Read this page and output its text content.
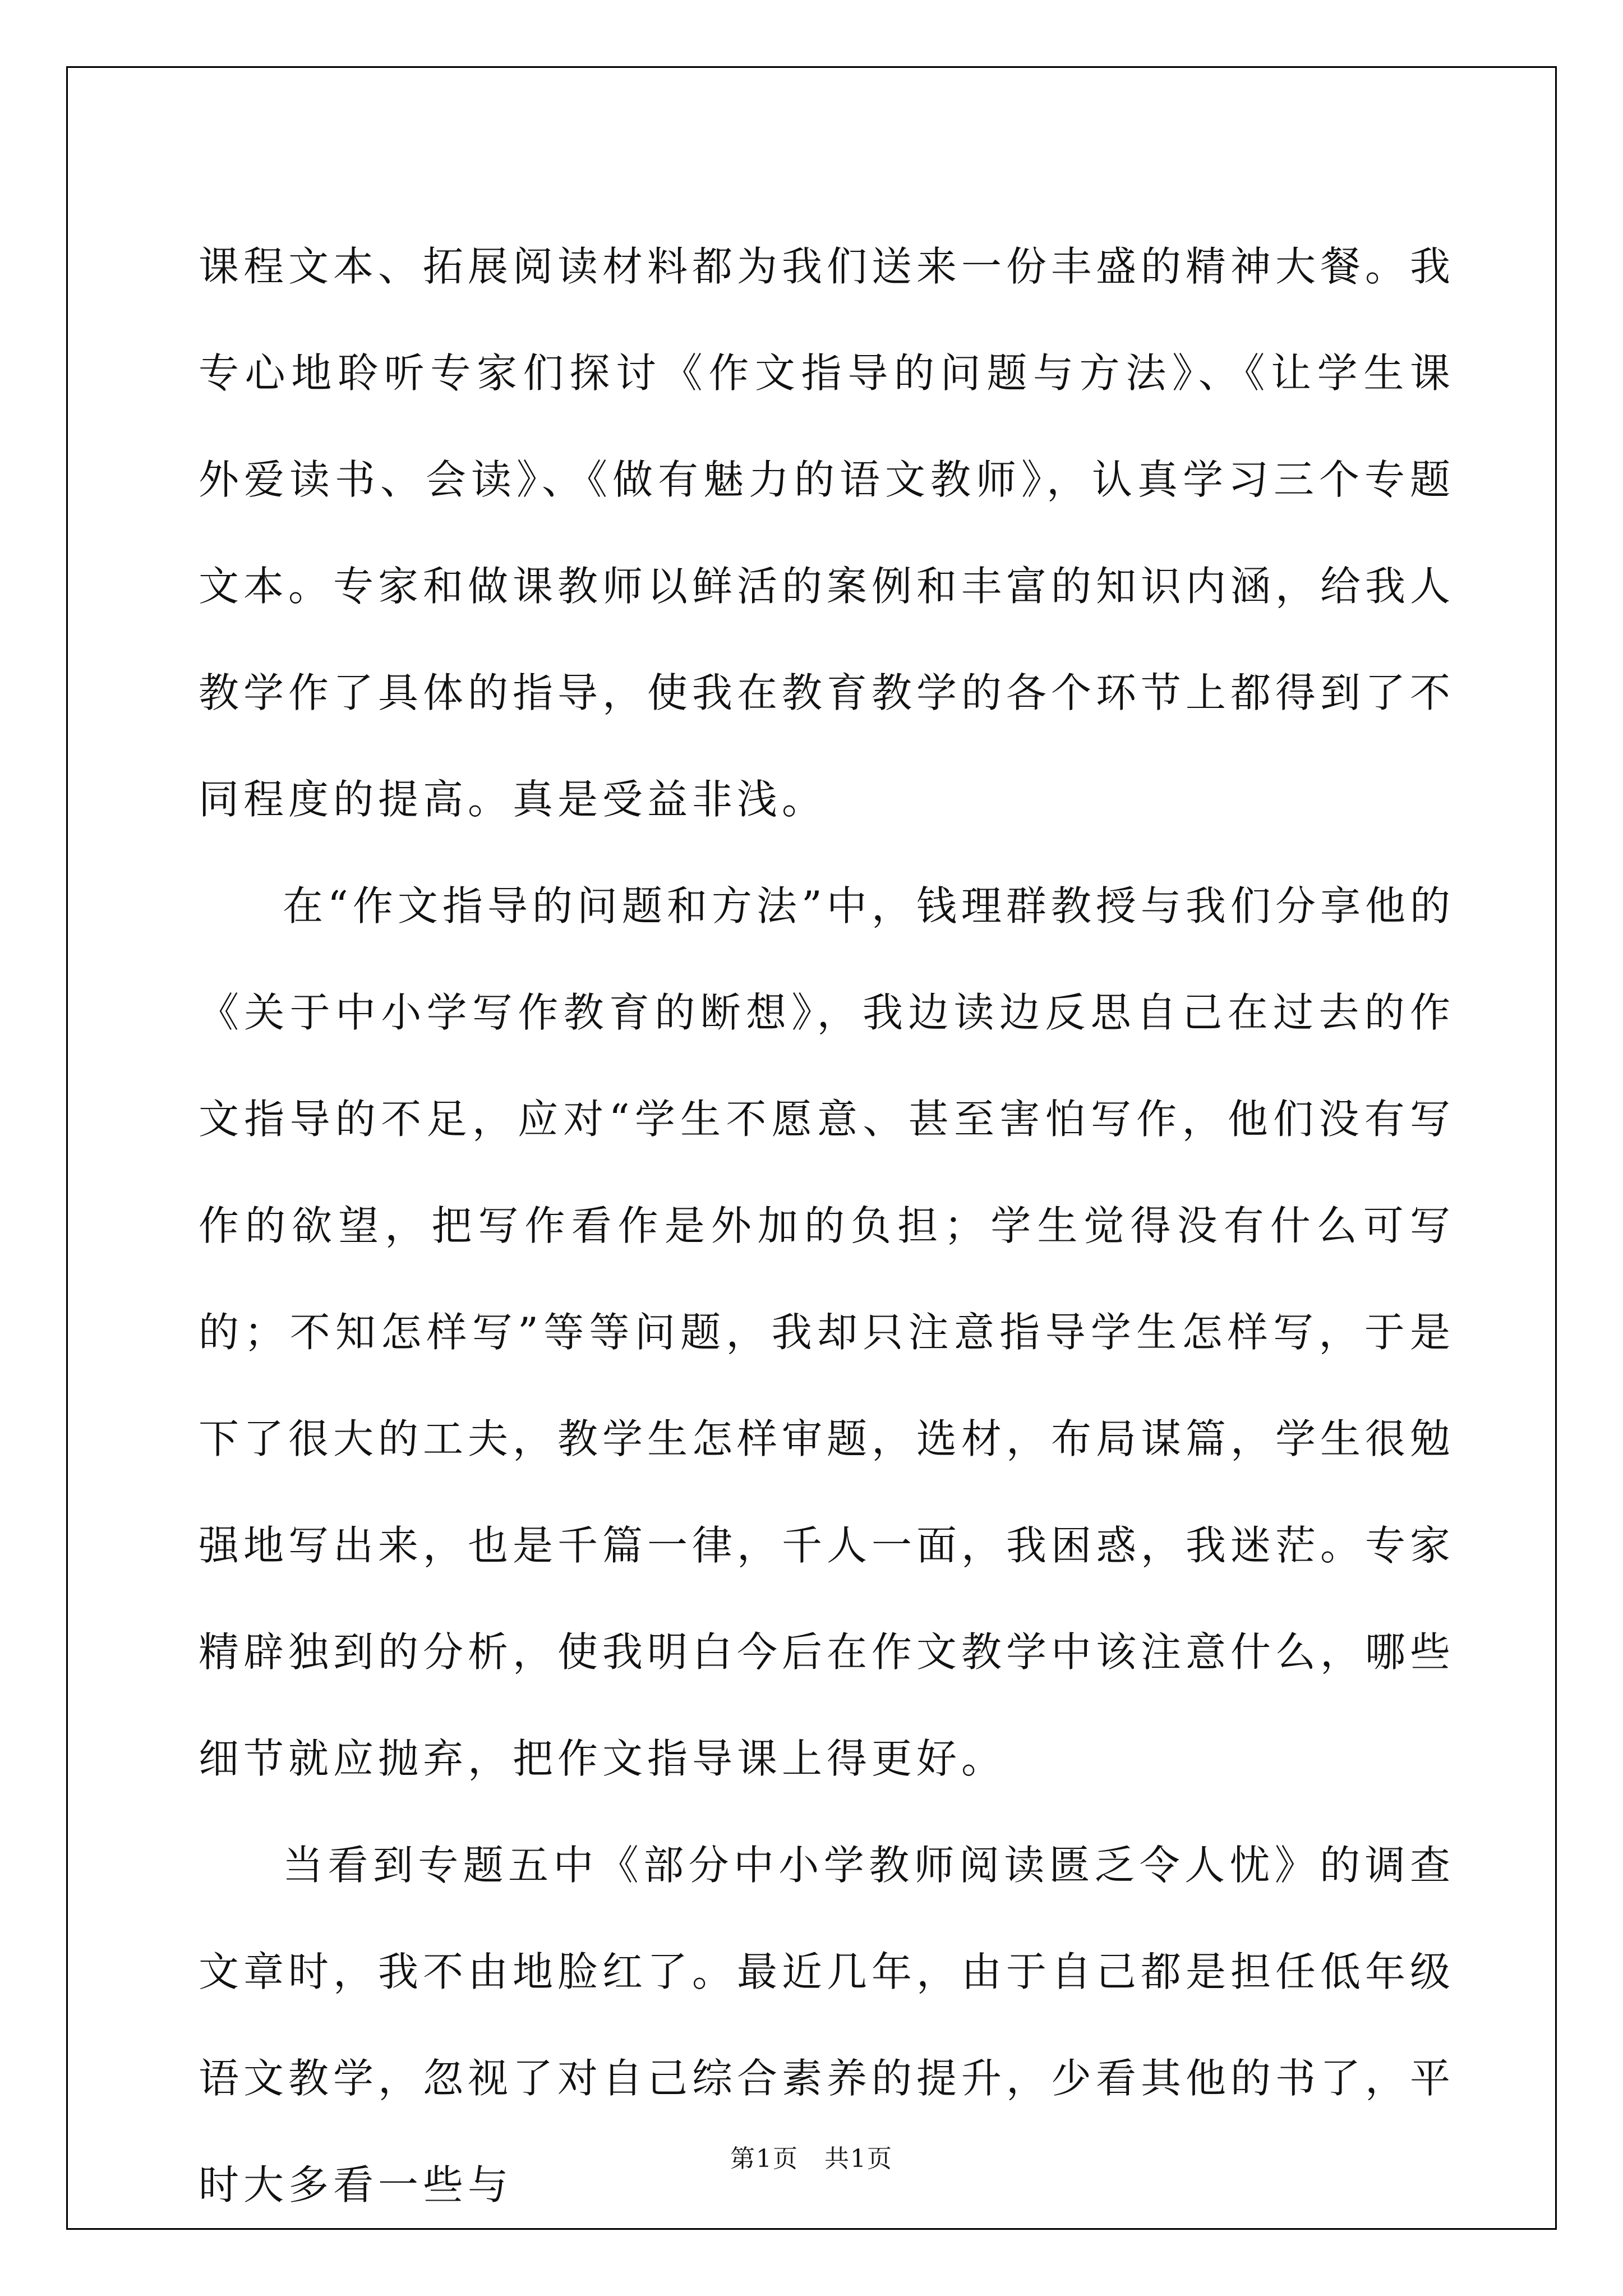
课程文本、拓展阅读材料都为我们送来一份丰盛的精神大餐。我专心地聆听专家们探讨《作文指导的问题与方法》、《让学生课外爱读书、会读》、《做有魅力的语文教师》，认真学习三个专题文本。专家和做课教师以鲜活的案例和丰富的知识内涵，给我人教学作了具体的指导，使我在教育教学的各个环节上都得到了不同程度的提高。真是受益非浅。

在“作文指导的问题和方法”中，钱理群教授与我们分享他的《关于中小学写作教育的断想》，我边读边反思自己在过去的作文指导的不足，应对“学生不愿意、甚至害怕写作，他们没有写作的欲望，把写作看作是外加的负担；学生觉得没有什么可写的；不知怎样写”等等问题，我却只注意指导学生怎样写，于是下了很大的工夫，教学生怎样审题，选材，布局谋篇，学生很勉强地写出来，也是千篇一律，千人一面，我困惑，我迷茫。专家精辟独到的分析，使我明白今后在作文教学中该注意什么，哪些细节就应抛弃，把作文指导课上得更好。

当看到专题五中《部分中小学教师阅读匮乏令人忧》的调查文章时，我不由地脸红了。最近几年，由于自己都是担任低年级语文教学，忽视了对自己综合素养的提升，少看其他的书了，平时大多看一些与

第1页　共1页
